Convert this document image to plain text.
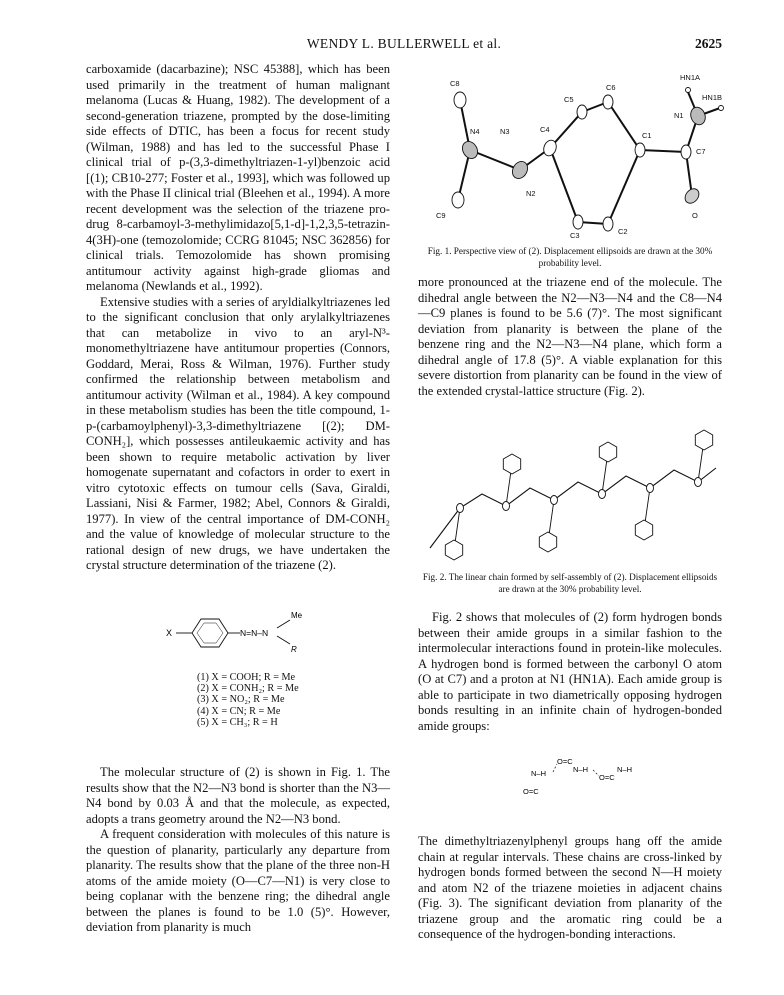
WENDY L. BULLERWELL et al.	2625

carboxamide (dacarbazine); NSC 45388], which has been used primarily in the treatment of human malignant melanoma (Lucas & Huang, 1982). The development of a second-generation triazene, prompted by the dose-limiting side effects of DTIC, has been a focus for recent study (Wilman, 1988) and has led to the successful Phase I clinical trial of p-(3,3-dimethyltriazen-1-yl)benzoic acid [(1); CB10-277; Foster et al., 1993], which was followed up with the Phase II clinical trial (Bleehen et al., 1994). A more recent development was the selection of the triazene pro-drug 8-carbamoyl-3-methylimidazo[5,1-d]-1,2,3,5-tetrazin-4(3H)-one (temozolomide; CCRG 81045; NSC 362856) for clinical trials. Temozolomide has shown promising antitumour activity against high-grade gliomas and melanoma (Newlands et al., 1992).

Extensive studies with a series of aryldialkyltriazenes led to the significant conclusion that only arylalkyltriazenes that can metabolize in vivo to an aryl-N³-monomethyltriazene have antitumour properties (Connors, Goddard, Merai, Ross & Wilman, 1976). Further study confirmed the relationship between metabolism and antitumour activity (Wilman et al., 1984). A key compound in these metabolism studies has been the title compound, 1-p-(carbamoylphenyl)-3,3-dimethyltriazene [(2); DM-CONH₂], which possesses antileukaemic activity and has been shown to require metabolic activation by liver homogenate supernatant and cofactors in order to exert in vitro cytotoxic effects on tumour cells (Sava, Giraldi, Lassiani, Nisi & Farmer, 1982; Abel, Connors & Giraldi, 1977). In view of the central importance of DM-CONH₂ and the value of knowledge of molecular structure to the rational design of new drugs, we have undertaken the crystal structure determination of the triazene (2).

X	N=N–N
Me
R
(1) X = COOH; R = Me
(2) X = CONH₂; R = Me
(3) X = NO₂; R = Me
(4) X = CN; R = Me
(5) X = CH₃; R = H

The molecular structure of (2) is shown in Fig. 1. The results show that the N2—N3 bond is shorter than the N3—N4 bond by 0.03 Å and that the molecule, as expected, adopts a trans geometry around the N2—N3 bond.

A frequent consideration with molecules of this nature is the question of planarity, particularly any departure from planarity. The results show that the plane of the three non-H atoms of the amide moiety (O—C7—N1) is very close to being coplanar with the benzene ring; the dihedral angle between the planes is found to be 1.0 (5)°. However, deviation from planarity is much

C8
N4	N3
C9
C4
N2
C5
C6
C3	C2
C1
N1
C7
O
HN1A
HN1B
Fig. 1. Perspective view of (2). Displacement ellipsoids are drawn at the 30% probability level.

more pronounced at the triazene end of the molecule. The dihedral angle between the N2—N3—N4 and the C8—N4—C9 planes is found to be 5.6 (7)°. The most significant deviation from planarity is between the plane of the benzene ring and the N2—N3—N4 plane, which form a dihedral angle of 17.8 (5)°. A viable explanation for this severe distortion from planarity can be found in the view of the extended crystal-lattice structure (Fig. 2).

Fig. 2. The linear chain formed by self-assembly of (2). Displacement ellipsoids are drawn at the 30% probability level.

Fig. 2 shows that molecules of (2) form hydrogen bonds between their amide groups in a similar fashion to the intermolecular interactions found in protein-like molecules. A hydrogen bond is formed between the carbonyl O atom (O at C7) and a proton at N1 (HN1A). Each amide group is able to participate in two diametrically opposing hydrogen bonds resulting in an infinite chain of hydrogen-bonded amide groups:

O=C
N–H
O=C
N–H
N–H
O=C

The dimethyltriazenylphenyl groups hang off the amide chain at regular intervals. These chains are cross-linked by hydrogen bonds formed between the second N—H moiety and atom N2 of the triazene moieties in adjacent chains (Fig. 3). The significant deviation from planarity of the triazene group and the aromatic ring could be a consequence of the hydrogen-bonding interactions.
